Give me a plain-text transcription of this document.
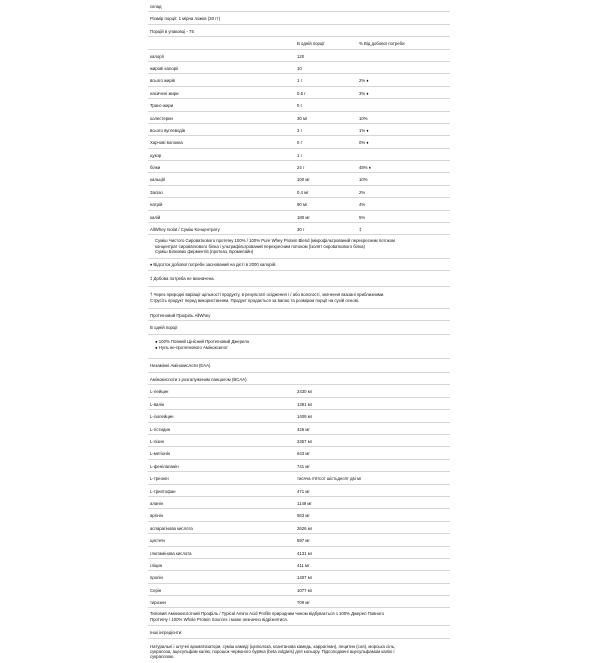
склад
Розмір порції: 1 мірна ложка (30 гт)
Порцій в упаковці - 75
В одній порції	% Від добової потреби
калорії	120
жирові калорії	10
всього жирів	1 г	2% ♦
насичені жири	0.5 г	3% ♦
Транс-жири	0 г
холестерин	30 мг	10%
всього вуглеводів	3 г	1% ♦
Харчові волокна	0 г	0% ♦
цукор	1 г
білки	24 г	48% ♦
кальцій	100 мг	10%
Залізо	0.4 мг	2%
натрій	90 мг	4%
калій	180 мг	5%
AllWhey Isolat / Суміш Концентрату	30 г	‡

Суміш Чистого Сироваткового протеїну 100% / 100% Pure Whey Protein Blend (мікрофільтрований перехресним потоком

концентрат сироваткового білка і ультрафільтрований перехресним потоком (ізолят сироваткового білка)

Суміш Білкових ферментів (протеаз, Бромелайн)

♦ Відсоток добової потреби заснований на дієті в 2000 калорій.

‡ Добова потреба не визначена.

† Через природні варіації щільності продукту, в результаті осідження і / або вологості, значення вказані приблизними.

Струсіть продукт перед використанням. Продукт продається за вагою та розміром порції на сухій основі.

Протеїновий Профіль AllWhey
В одній порції

● 100% Повний Цінісний Протеїновий Джерело

● Нуль не-протеїнового Аміноксилот

Незамінні Амінокислоти (EAA)
Амінокислоти з розгалуженим ланцюгом (BCAA)
L-лейцин	2430 мг
L-валін	1391 мг
L-ізолейцин	1409 мг
L-гістидин	426 мг
L-лізин	2357 мг
L-метіонін	643 мг
L-фенілаланін	741 мг
L-треонін	тисяча п'ятсот шістьдесят дві мг
L-триптофан	471 мг
аланін	1149 мг
аргінін	563 мг
аспарагінова кислота	2626 мг
цистеїн	597 мг
глютамінова кислота	4131 мг
гліцин	411 мг
пролін	1407 мг
Серін	1077 мг
тирозин	709 мг

Типовий Амінокислотний Профіль / Typical Amino Acid Profile природним чином відбувається з 100% Джерел Повного

Протеїну / 100% Whole Protein Sources і може незначно відрізнятися.

Інші інгредієнти:

Натуральні і штучні ароматизатори, суміш камеді (целюлоза, ксантанова камедь, каррагінан), лецитин (соя), морська сіль,

сукралоза, ацесульфам калію, порошок червоного буряка (beta vulgaris) для кольору. Підсолоджені ацесульфамом калію і

сукралозою.
